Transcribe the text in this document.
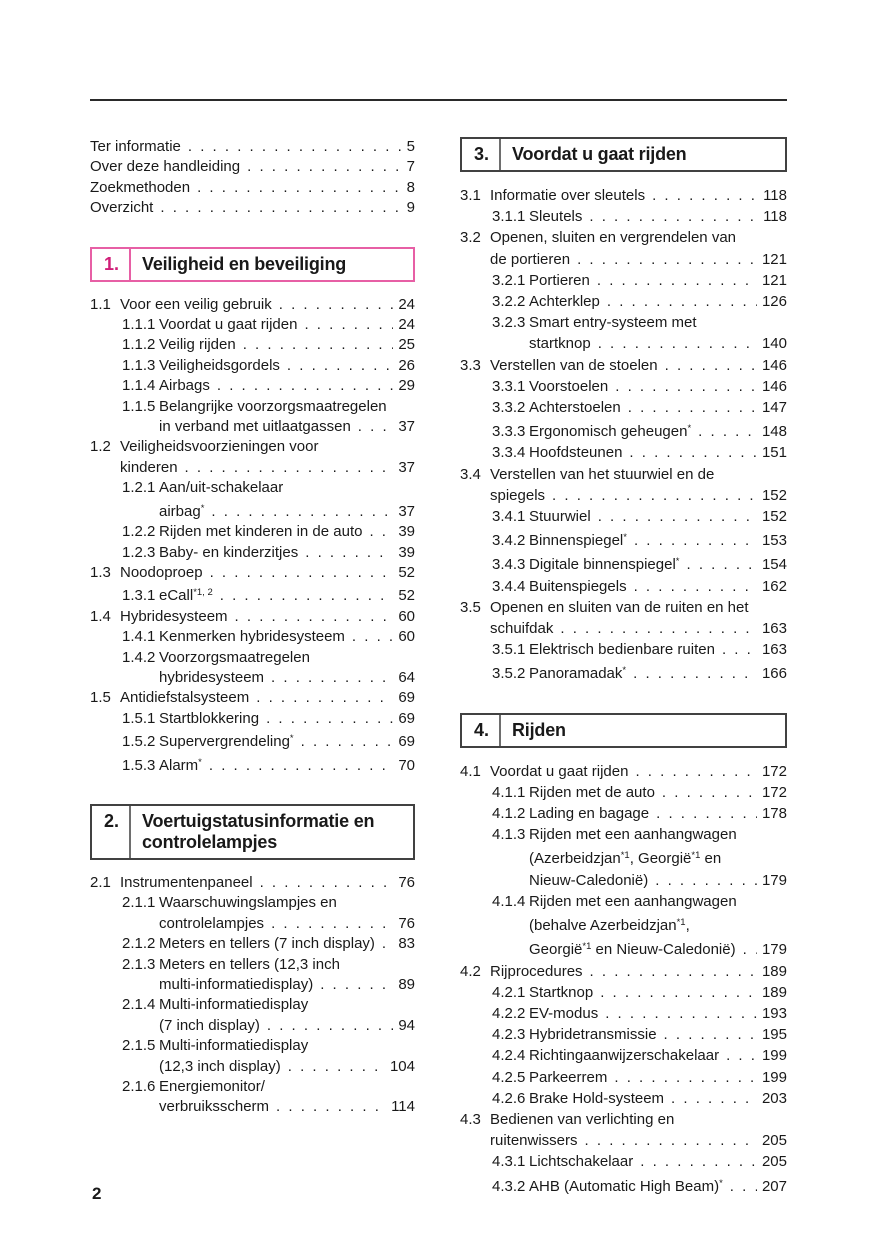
Ter informatie . . .	5
Over deze handleiding . . .	7
Zoekmethoden . . .	8
Overzicht . . .	9
1.	Veiligheid en beveiliging
1.1 Voor een veilig gebruik . . .	24
1.1.1 Voordat u gaat rijden . . .	24
1.1.2 Veilig rijden . . .	25
1.1.3 Veiligheidsgordels . . .	26
1.1.4 Airbags . . .	29
1.1.5 Belangrijke voorzorgsmaatregelen
in verband met uitlaatgassen . . .	37
1.2 Veiligheidsvoorzieningen voor
kinderen . . .	37
1.2.1 Aan/uit-schakelaar
airbag* . . .	37
1.2.2 Rijden met kinderen in de auto . . . 39
1.2.3 Baby- en kinderzitjes . . .	39
1.3 Noodoproep . . .	52
1.3.1 eCall$^{*1, 2}$ . . .	52
1.4 Hybridesysteem . . .	60
1.4.1 Kenmerken hybridesysteem . . .	60
1.4.2 Voorzorgsmaatregelen
hybridesysteem . . .	64
1.5 Antidiefstalsysteem . . .	69
1.5.1 Startblokkering . . .	69
1.5.2 Supervergrendeling* . . .	69
1.5.3 Alarm* . . .	70
2.	Voertuigstatusinformatie en
controlelampjes
2.1 Instrumentenpaneel . . .	76
2.1.1 Waarschuwingslampjes en
controlelampjes . . .	76
2.1.2 Meters en tellers (7 inch display) . . . 83
2.1.3 Meters en tellers (12,3 inch
multi-informatiedisplay) . . .	89
2.1.4 Multi-informatiedisplay
(7 inch display) . . .	94
2.1.5 Multi-informatiedisplay
(12,3 inch display) . . .	104
2.1.6 Energiemonitor/
verbruiksscherm . . .	114
3.	Voordat u gaat rijden
3.1 Informatie over sleutels . . .	118
3.1.1 Sleutels . . .	118
3.2 Openen, sluiten en vergrendelen van
de portieren . . .	121
3.2.1 Portieren . . .	121
3.2.2 Achterklep . . .	126
3.2.3 Smart entry-systeem met
startknop . . .	140
3.3 Verstellen van de stoelen . . .	146
3.3.1 Voorstoelen . . .	146
3.3.2 Achterstoelen . . .	147
3.3.3 Ergonomisch geheugen* . . .	148
3.3.4 Hoofdsteunen . . .	151
3.4 Verstellen van het stuurwiel en de
spiegels . . .	152
3.4.1 Stuurwiel . . .	152
3.4.2 Binnenspiegel* . . .	153
3.4.3 Digitale binnenspiegel* . . .	154
3.4.4 Buitenspiegels . . .	162
3.5 Openen en sluiten van de ruiten en het
schuifdak . . .	163
3.5.1 Elektrisch bedienbare ruiten . . .	163
3.5.2 Panoramadak* . . .	166
4.	Rijden
4.1 Voordat u gaat rijden . . .	172
4.1.1 Rijden met de auto . . .	172
4.1.2 Lading en bagage . . .	178
4.1.3 Rijden met een aanhangwagen
(Azerbeidzjan$^{*1}$, Georgië$^{*1}$ en
Nieuw-Caledonië) . . .	179
4.1.4 Rijden met een aanhangwagen
(behalve Azerbeidzjan$^{*1}$,
Georgië$^{*1}$ en Nieuw-Caledonië) . . . 179
4.2 Rijprocedures . . .	189
4.2.1 Startknop . . .	189
4.2.2 EV-modus . . .	193
4.2.3 Hybridetransmissie . . .	195
4.2.4 Richtingaanwijzerschakelaar . . .	199
4.2.5 Parkeerrem . . .	199
4.2.6 Brake Hold-systeem . . .	203
4.3 Bedienen van verlichting en
ruitenwissers . . .	205
4.3.1 Lichtschakelaar . . .	205
4.3.2 AHB (Automatic High Beam)* . . .	207
2
